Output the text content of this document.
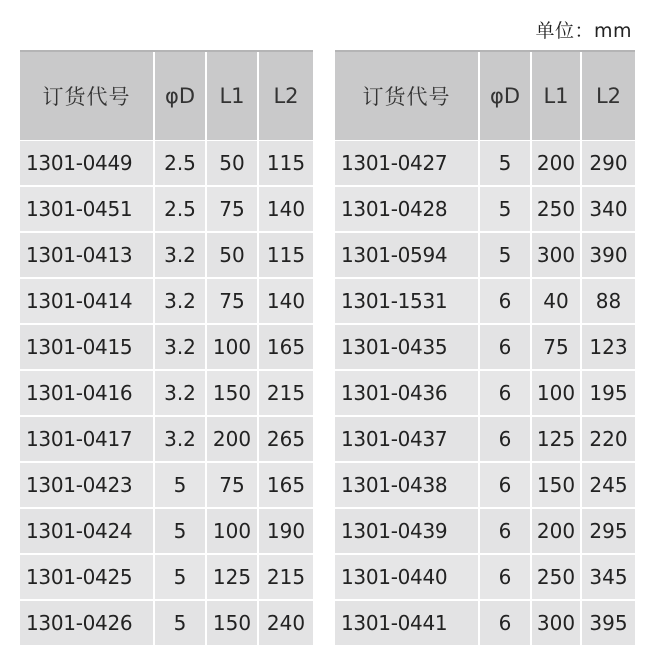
单位：mm
订货代号	φD	L1	L2
1301-0449	2.5	50	115
1301-0451	2.5	75	140
1301-0413	3.2	50	115
1301-0414	3.2	75	140
1301-0415	3.2	100	165
1301-0416	3.2	150	215
1301-0417	3.2	200	265
1301-0423	5	75	165
1301-0424	5	100	190
1301-0425	5	125	215
1301-0426	5	150	240
订货代号	φD	L1	L2
1301-0427	5	200	290
1301-0428	5	250	340
1301-0594	5	300	390
1301-1531	6	40	88
1301-0435	6	75	123
1301-0436	6	100	195
1301-0437	6	125	220
1301-0438	6	150	245
1301-0439	6	200	295
1301-0440	6	250	345
1301-0441	6	300	395
